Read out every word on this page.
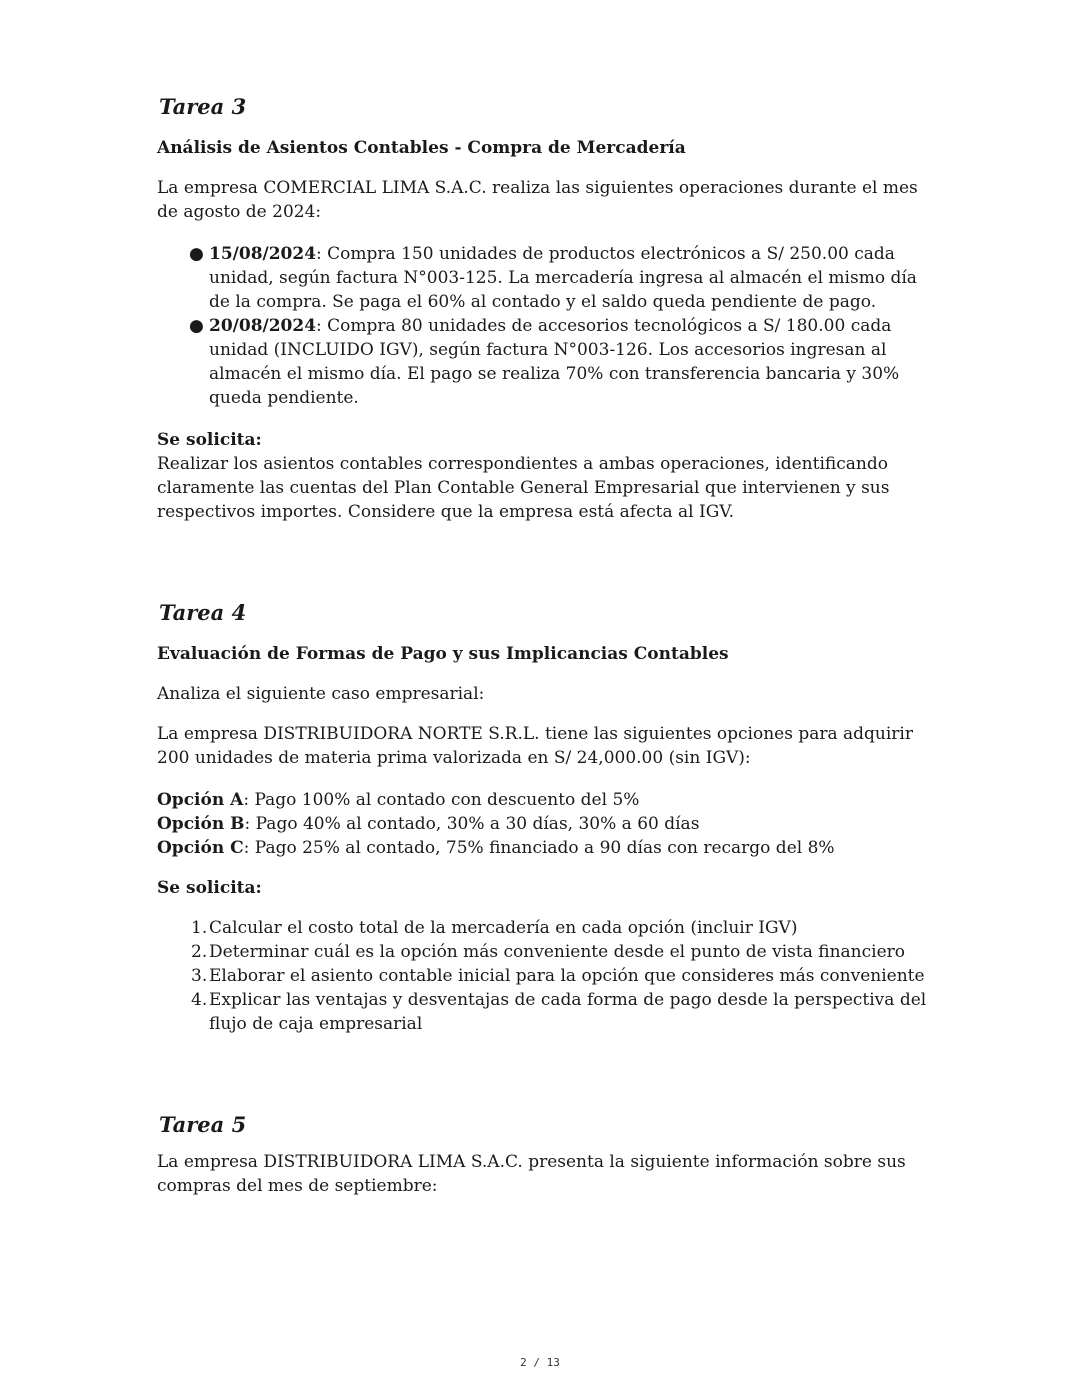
Tarea 3
Análisis de Asientos Contables - Compra de Mercadería

La empresa COMERCIAL LIMA S.A.C. realiza las siguientes operaciones durante el mes de agosto de 2024:

● 15/08/2024: Compra 150 unidades de productos electrónicos a S/ 250.00 cada unidad, según factura N°003-125. La mercadería ingresa al almacén el mismo día de la compra. Se paga el 60% al contado y el saldo queda pendiente de pago.
● 20/08/2024: Compra 80 unidades de accesorios tecnológicos a S/ 180.00 cada unidad (INCLUIDO IGV), según factura N°003-126. Los accesorios ingresan al almacén el mismo día. El pago se realiza 70% con transferencia bancaria y 30% queda pendiente.

Se solicita:

Realizar los asientos contables correspondientes a ambas operaciones, identificando claramente las cuentas del Plan Contable General Empresarial que intervienen y sus respectivos importes. Considere que la empresa está afecta al IGV.

Tarea 4
Evaluación de Formas de Pago y sus Implicancias Contables

Analiza el siguiente caso empresarial:

La empresa DISTRIBUIDORA NORTE S.R.L. tiene las siguientes opciones para adquirir 200 unidades de materia prima valorizada en S/ 24,000.00 (sin IGV):

Opción A: Pago 100% al contado con descuento del 5%

Opción B: Pago 40% al contado, 30% a 30 días, 30% a 60 días

Opción C: Pago 25% al contado, 75% financiado a 90 días con recargo del 8%

Se solicita:

1. Calcular el costo total de la mercadería en cada opción (incluir IGV)
2. Determinar cuál es la opción más conveniente desde el punto de vista financiero
3. Elaborar el asiento contable inicial para la opción que consideres más conveniente
4. Explicar las ventajas y desventajas de cada forma de pago desde la perspectiva del flujo de caja empresarial
Tarea 5

La empresa DISTRIBUIDORA LIMA S.A.C. presenta la siguiente información sobre sus compras del mes de septiembre:

2 / 13
